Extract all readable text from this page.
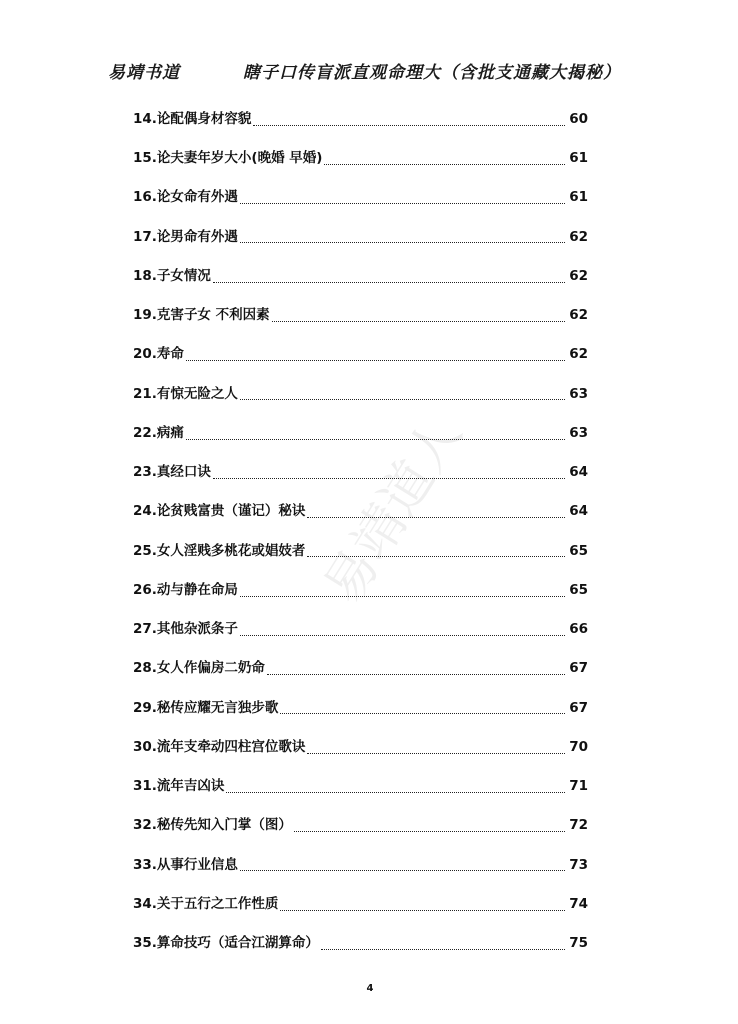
易靖书道	瞎子口传盲派直观命理大（含批支通藏大揭秘）
易靖道人
14.论配偶身材容貌	60
15.论夫妻年岁大小(晚婚 早婚)	61
16.论女命有外遇	61
17.论男命有外遇	62
18.子女情况	62
19.克害子女 不利因素	62
20.寿命	62
21.有惊无险之人	63
22.病痛	63
23.真经口诀	64
24.论贫贱富贵（谨记）秘诀	64
25.女人淫贱多桃花或娼妓者	65
26.动与静在命局	65
27.其他杂派条子	66
28.女人作偏房二奶命	67
29.秘传应耀无言独步歌	67
30.流年支牵动四柱宫位歌诀	70
31.流年吉凶诀	71
32.秘传先知入门掌（图）	72
33.从事行业信息	73
34.关于五行之工作性质	74
35.算命技巧（适合江湖算命）	75
4
